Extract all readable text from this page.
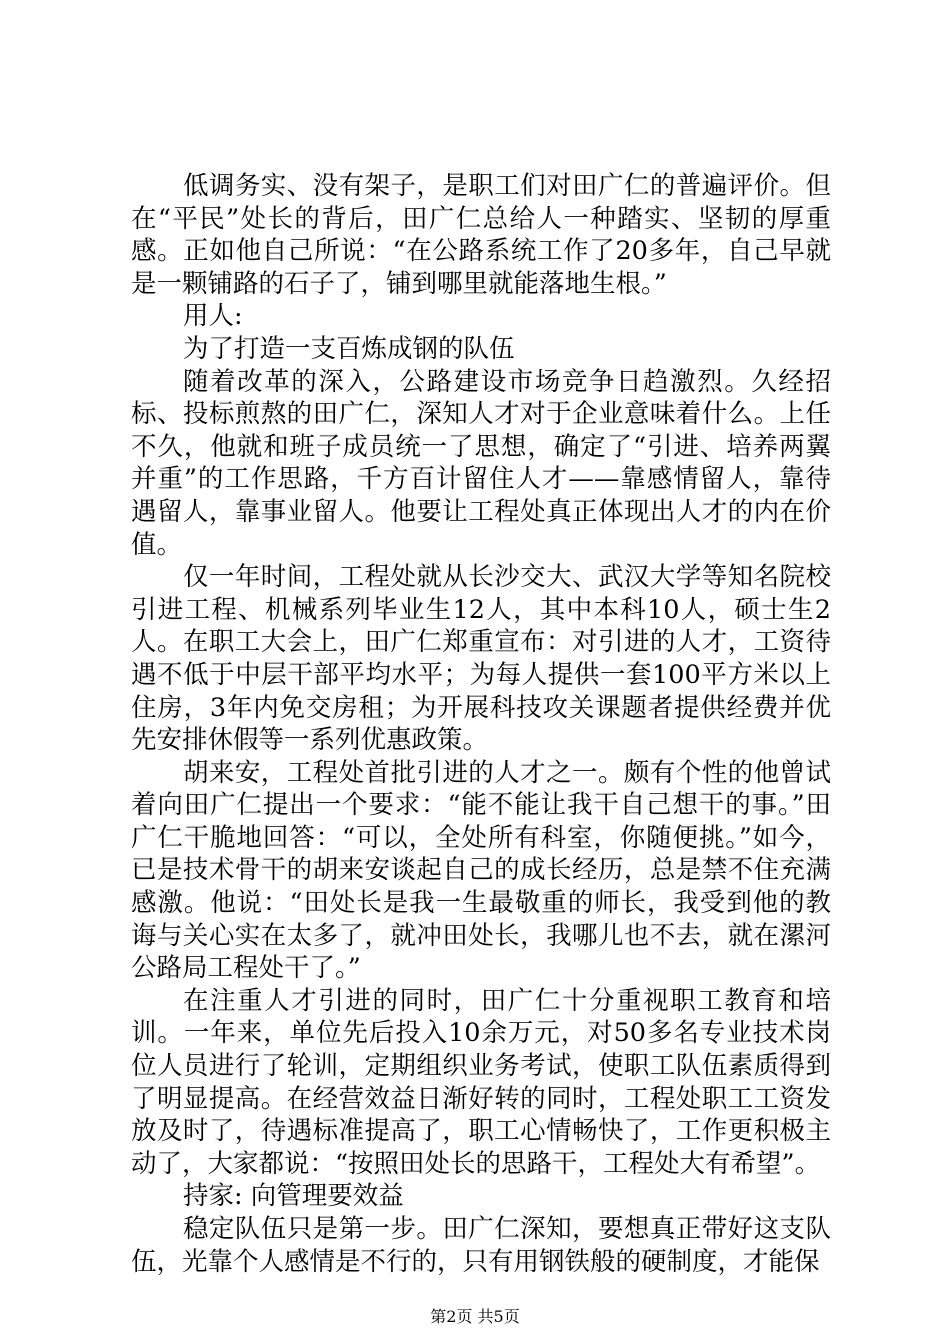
低调务实、没有架子，是职工们对田广仁的普遍评价。但在“平民”处长的背后，田广仁总给人一种踏实、坚韧的厚重感。正如他自己所说：“在公路系统工作了20多年，自己早就是一颗铺路的石子了，铺到哪里就能落地生根。”

用人:

为了打造一支百炼成钢的队伍

随着改革的深入，公路建设市场竞争日趋激烈。久经招标、投标煎熬的田广仁，深知人才对于企业意味着什么。上任不久，他就和班子成员统一了思想，确定了“引进、培养两翼并重”的工作思路，千方百计留住人才——靠感情留人，靠待遇留人，靠事业留人。他要让工程处真正体现出人才的内在价值。

仅一年时间，工程处就从长沙交大、武汉大学等知名院校引进工程、机械系列毕业生12人，其中本科10人，硕士生2人。在职工大会上，田广仁郑重宣布：对引进的人才，工资待遇不低于中层干部平均水平；为每人提供一套100平方米以上住房，3年内免交房租；为开展科技攻关课题者提供经费并优先安排休假等一系列优惠政策。

胡来安，工程处首批引进的人才之一。颇有个性的他曾试着向田广仁提出一个要求：“能不能让我干自己想干的事。”田广仁干脆地回答：“可以，全处所有科室，你随便挑。”如今，已是技术骨干的胡来安谈起自己的成长经历，总是禁不住充满感激。他说：“田处长是我一生最敬重的师长，我受到他的教诲与关心实在太多了，就冲田处长，我哪儿也不去，就在漯河公路局工程处干了。”

在注重人才引进的同时，田广仁十分重视职工教育和培训。一年来，单位先后投入10余万元，对50多名专业技术岗位人员进行了轮训，定期组织业务考试，使职工队伍素质得到了明显提高。在经营效益日渐好转的同时，工程处职工工资发放及时了，待遇标准提高了，职工心情畅快了，工作更积极主动了，大家都说：“按照田处长的思路干，工程处大有希望”。

持家: 向管理要效益

稳定队伍只是第一步。田广仁深知，要想真正带好这支队伍，光靠个人感情是不行的，只有用钢铁般的硬制度，才能保

第2页 共5页
